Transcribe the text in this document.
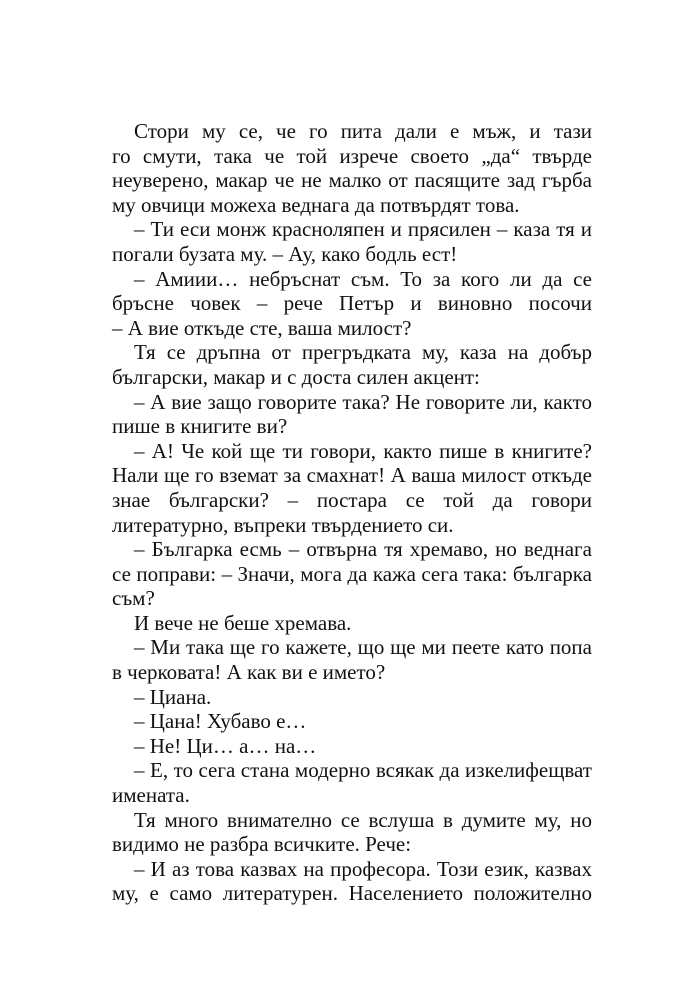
Стори му се, че го пита дали е мъж, и тази
го смути, така че той изрече своето „да“ твърде
неуверено, макар че не малко от пасящите зад гърба
му овчици можеха веднага да потвърдят това.
– Ти еси монж красноляпен и прясилен – каза тя и
погали бузата му. – Ау, како бодль ест!
– Амиии… небръснат съм. То за кого ли да се
бръсне човек – рече Петър и виновно посочи
– А вие откъде сте, ваша милост?
Тя се дръпна от прегръдката му, каза на добър
български, макар и с доста силен акцент:
– А вие защо говорите така? Не говорите ли, както
пише в книгите ви?
– А! Че кой ще ти говори, както пише в книгите?
Нали ще го вземат за смахнат! А ваша милост откъде
знае български? – постара се той да говори
литературно, въпреки твърдението си.
– Българка есмь – отвърна тя хремаво, но веднага
се поправи: – Значи, мога да кажа сега така: българка
съм?
И вече не беше хремава.
– Ми така ще го кажете, що ще ми пеете като попа
в черковата! А как ви е името?
– Циана.
– Цана! Хубаво е…
– Не! Ци… а… на…
– Е, то сега стана модерно всякак да изкелифещват
имената.
Тя много внимателно се вслуша в думите му, но
видимо не разбра всичките. Рече:
– И аз това казвах на професора. Този език, казвах
му, е само литературен. Населението положително
